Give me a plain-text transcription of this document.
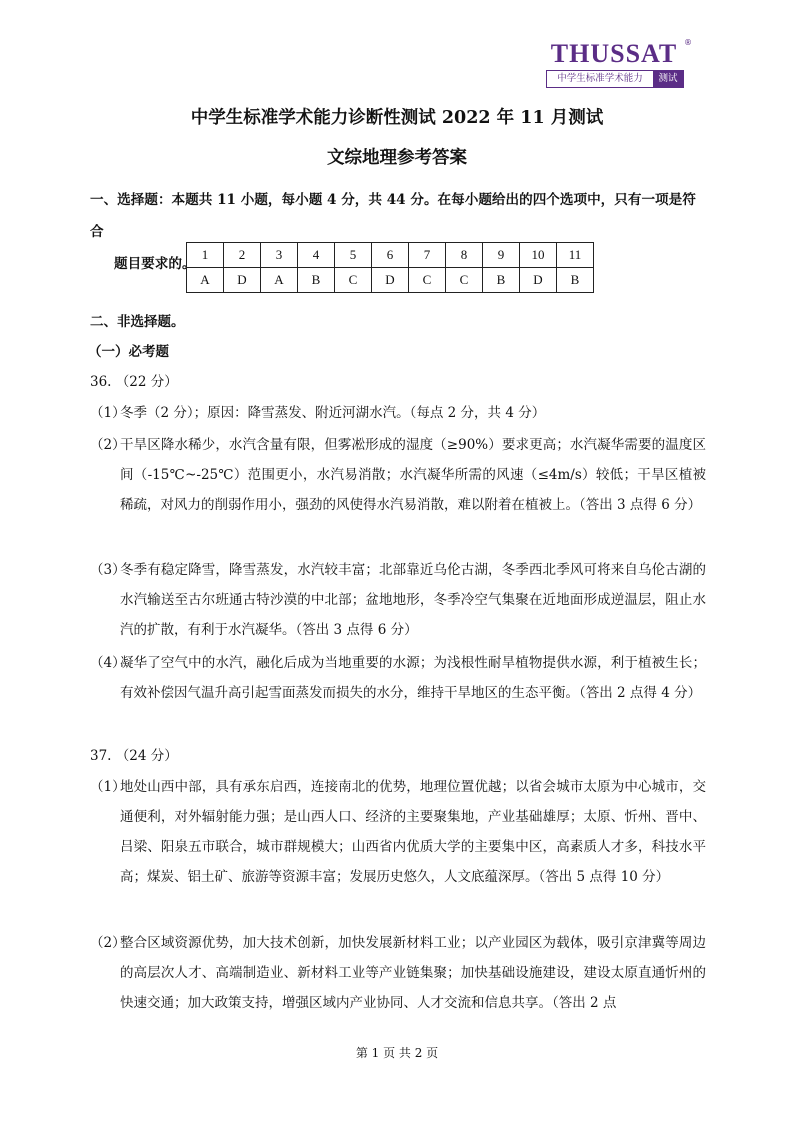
THUSSAT ®
中学生标准学术能力	测试
中学生标准学术能力诊断性测试 2022 年 11 月测试
文综地理参考答案
一、选择题：本题共 11 小题，每小题 4 分，共 44 分。在每小题给出的四个选项中，只有一项是符合
题目要求的。
1	2	3	4	5	6	7	8	9	10	11
A	D	A	B	C	D	C	C	B	D	B
二、非选择题。
（一）必考题
36. （22 分）
（1）
冬季（2 分）；原因：降雪蒸发、附近河湖水汽。（每点 2 分，共 4 分）
（2）
干旱区降水稀少，水汽含量有限，但雾凇形成的湿度（≥90%）要求更高；水汽凝华需要的温度区间（-15℃~-25℃）范围更小，水汽易消散；水汽凝华所需的风速（≤4m/s）较低；干旱区植被稀疏，对风力的削弱作用小，强劲的风使得水汽易消散，难以附着在植被上。（答出 3 点得 6 分）
（3）
冬季有稳定降雪，降雪蒸发，水汽较丰富；北部靠近乌伦古湖，冬季西北季风可将来自乌伦古湖的水汽输送至古尔班通古特沙漠的中北部；盆地地形，冬季冷空气集聚在近地面形成逆温层，阻止水汽的扩散，有利于水汽凝华。（答出 3 点得 6 分）
（4）
凝华了空气中的水汽，融化后成为当地重要的水源；为浅根性耐旱植物提供水源，利于植被生长；有效补偿因气温升高引起雪面蒸发而损失的水分，维持干旱地区的生态平衡。（答出 2 点得 4 分）
37. （24 分）
（1）
地处山西中部，具有承东启西，连接南北的优势，地理位置优越；以省会城市太原为中心城市，交通便利，对外辐射能力强；是山西人口、经济的主要聚集地，产业基础雄厚；太原、忻州、晋中、吕梁、阳泉五市联合，城市群规模大；山西省内优质大学的主要集中区，高素质人才多，科技水平高；煤炭、铝土矿、旅游等资源丰富；发展历史悠久，人文底蕴深厚。（答出 5 点得 10 分）
（2）
整合区域资源优势，加大技术创新，加快发展新材料工业；以产业园区为载体，吸引京津冀等周边的高层次人才、高端制造业、新材料工业等产业链集聚；加快基础设施建设，建设太原直通忻州的快速交通；加大政策支持，增强区域内产业协同、人才交流和信息共享。（答出 2 点
第 1 页 共 2 页
